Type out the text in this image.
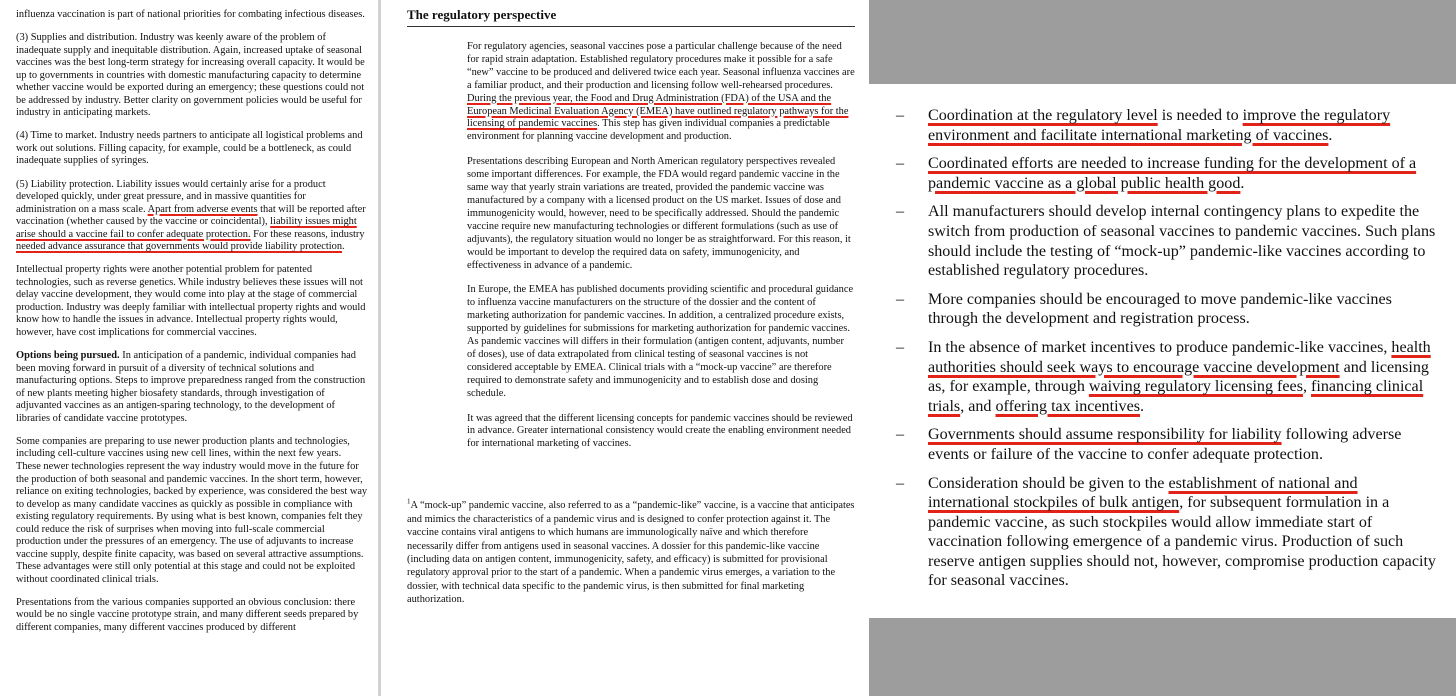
influenza vaccination is part of national priorities for combating infectious diseases.

(3) Supplies and distribution. Industry was keenly aware of the problem of inadequate supply and inequitable distribution. Again, increased uptake of seasonal vaccines was the best long-term strategy for increasing overall capacity. It would be up to governments in countries with domestic manufacturing capacity to determine whether vaccine would be exported during an emergency; these questions could not be addressed by industry. Better clarity on government policies would be useful for industry in anticipating markets.

(4) Time to market. Industry needs partners to anticipate all logistical problems and work out solutions. Filling capacity, for example, could be a bottleneck, as could inadequate supplies of syringes.

(5) Liability protection. Liability issues would certainly arise for a product developed quickly, under great pressure, and in massive quantities for administration on a mass scale. Apart from adverse events that will be reported after vaccination (whether caused by the vaccine or coincidental), liability issues might arise should a vaccine fail to confer adequate protection. For these reasons, industry needed advance assurance that governments would provide liability protection.

Intellectual property rights were another potential problem for patented technologies, such as reverse genetics. While industry believes these issues will not delay vaccine development, they would come into play at the stage of commercial production. Industry was deeply familiar with intellectual property rights and would know how to handle the issues in advance. Intellectual property rights would, however, have cost implications for commercial vaccines.

Options being pursued. In anticipation of a pandemic, individual companies had been moving forward in pursuit of a diversity of technical solutions and manufacturing options. Steps to improve preparedness ranged from the construction of new plants meeting higher biosafety standards, through investigation of adjuvanted vaccines as an antigen-sparing technology, to the development of libraries of candidate vaccine prototypes.

Some companies are preparing to use newer production plants and technologies, including cell-culture vaccines using new cell lines, within the next few years. These newer technologies represent the way industry would move in the future for the production of both seasonal and pandemic vaccines. In the short term, however, reliance on exiting technologies, backed by experience, was considered the best way to develop as many candidate vaccines as quickly as possible in compliance with existing regulatory requirements. By using what is best known, companies felt they could reduce the risk of surprises when moving into full-scale commercial production under the pressures of an emergency. The use of adjuvants to increase vaccine supply, despite finite capacity, was based on several attractive assumptions. These advantages were still only potential at this stage and could not be exploited without coordinated clinical trials.

Presentations from the various companies supported an obvious conclusion: there would be no single vaccine prototype strain, and many different seeds prepared by different companies, many different vaccines produced by different

The regulatory perspective

For regulatory agencies, seasonal vaccines pose a particular challenge because of the need for rapid strain adaptation. Established regulatory procedures make it possible for a safe “new” vaccine to be produced and delivered twice each year. Seasonal influenza vaccines are a familiar product, and their production and licensing follow well-rehearsed procedures. During the previous year, the Food and Drug Administration (FDA) of the USA and the European Medicinal Evaluation Agency (EMEA) have outlined regulatory pathways for the licensing of pandemic vaccines. This step has given individual companies a predictable environment for planning vaccine development and production.

Presentations describing European and North American regulatory perspectives revealed some important differences. For example, the FDA would regard pandemic vaccine in the same way that yearly strain variations are treated, provided the pandemic vaccine was manufactured by a company with a licensed product on the US market. Issues of dose and immunogenicity would, however, need to be specifically addressed. Should the pandemic vaccine require new manufacturing technologies or different formulations (such as use of adjuvants), the regulatory situation would no longer be as straightforward. For this reason, it would be important to develop the required data on safety, immunogenicity, and effectiveness in advance of a pandemic.

In Europe, the EMEA has published documents providing scientific and procedural guidance to influenza vaccine manufacturers on the structure of the dossier and the content of marketing authorization for pandemic vaccines. In addition, a centralized procedure exists, supported by guidelines for submissions for marketing authorization for pandemic vaccines. As pandemic vaccines will differs in their formulation (antigen content, adjuvants, number of doses), use of data extrapolated from clinical testing of seasonal vaccines is not considered acceptable by EMEA. Clinical trials with a “mock-up vaccine” are therefore required to demonstrate safety and immunogenicity and to establish dose and dosing schedule.

It was agreed that the different licensing concepts for pandemic vaccines should be reviewed in advance. Greater international consistency would create the enabling environment needed for international marketing of vaccines.

$^1$A “mock-up” pandemic vaccine, also referred to as a “pandemic-like” vaccine, is a vaccine that anticipates and mimics the characteristics of a pandemic virus and is designed to confer protection against it. The vaccine contains viral antigens to which humans are immunologically naïve and which therefore necessarily differ from antigens used in seasonal vaccines. A dossier for this pandemic-like vaccine (including data on antigen content, immunogenicity, safety, and efficacy) is submitted for provisional regulatory approval prior to the start of a pandemic. When a pandemic virus emerges, a variation to the dossier, with technical data specific to the pandemic virus, is then submitted for final marketing authorization.

– Coordination at the regulatory level is needed to improve the regulatory environment and facilitate international marketing of vaccines.
– Coordinated efforts are needed to increase funding for the development of a pandemic vaccine as a global public health good.
– All manufacturers should develop internal contingency plans to expedite the switch from production of seasonal vaccines to pandemic vaccines. Such plans should include the testing of “mock-up” pandemic-like vaccines according to established regulatory procedures.
– More companies should be encouraged to move pandemic-like vaccines through the development and registration process.
– In the absence of market incentives to produce pandemic-like vaccines, health authorities should seek ways to encourage vaccine development and licensing as, for example, through waiving regulatory licensing fees, financing clinical trials, and offering tax incentives.
– Governments should assume responsibility for liability following adverse events or failure of the vaccine to confer adequate protection.
– Consideration should be given to the establishment of national and international stockpiles of bulk antigen, for subsequent formulation in a pandemic vaccine, as such stockpiles would allow immediate start of vaccination following emergence of a pandemic virus. Production of such reserve antigen supplies should not, however, compromise production capacity for seasonal vaccines.
